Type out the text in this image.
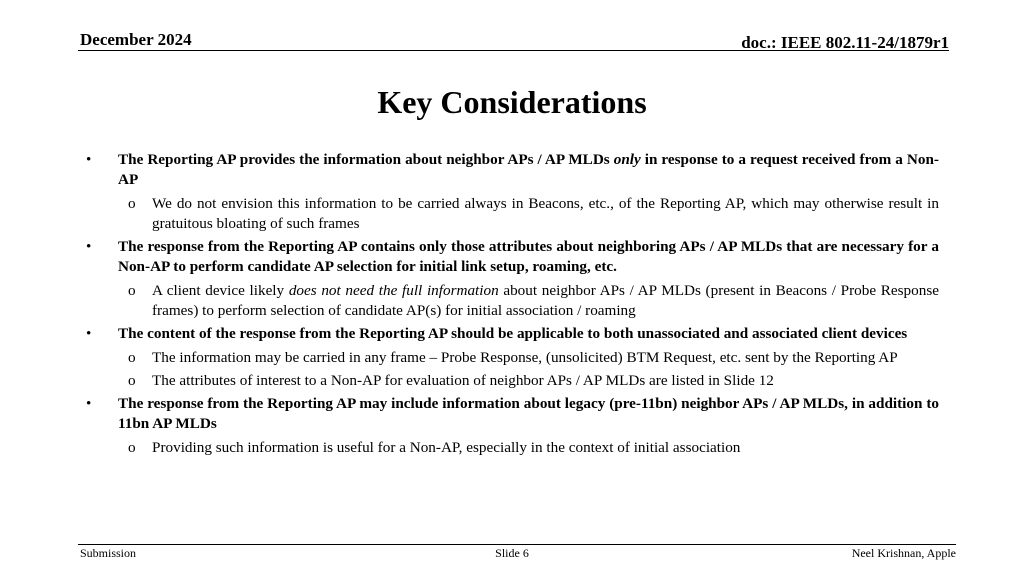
December 2024	doc.: IEEE 802.11-24/1879r1
Key Considerations
• The Reporting AP provides the information about neighbor APs / AP MLDs only in response to a request received from a Non-AP
o We do not envision this information to be carried always in Beacons, etc., of the Reporting AP, which may otherwise result in gratuitous bloating of such frames
• The response from the Reporting AP contains only those attributes about neighboring APs / AP MLDs that are necessary for a Non-AP to perform candidate AP selection for initial link setup, roaming, etc.
o A client device likely does not need the full information about neighbor APs / AP MLDs (present in Beacons / Probe Response frames) to perform selection of candidate AP(s) for initial association / roaming
• The content of the response from the Reporting AP should be applicable to both unassociated and associated client devices
o The information may be carried in any frame – Probe Response, (unsolicited) BTM Request, etc. sent by the Reporting AP
o The attributes of interest to a Non-AP for evaluation of neighbor APs / AP MLDs are listed in Slide 12
• The response from the Reporting AP may include information about legacy (pre-11bn) neighbor APs / AP MLDs, in addition to 11bn AP MLDs
o Providing such information is useful for a Non-AP, especially in the context of initial association
Submission	Slide 6	Neel Krishnan, Apple
